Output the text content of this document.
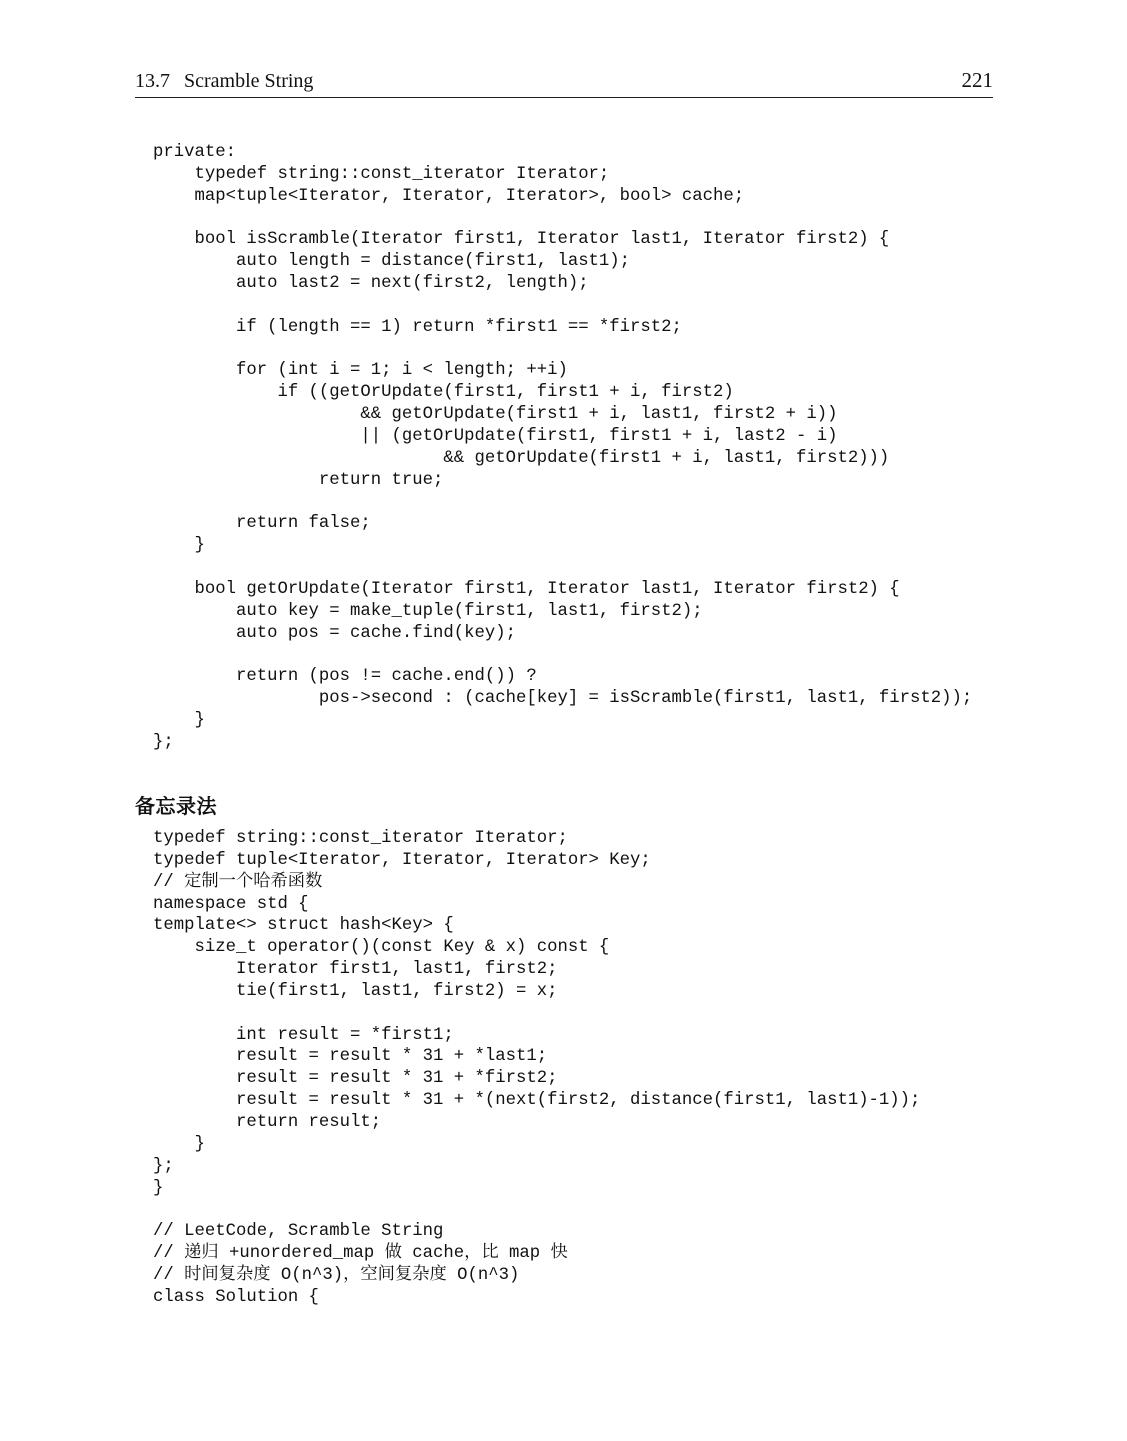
13.7 Scramble String	221
private:
typedef string::const_iterator Iterator;
map<tuple<Iterator, Iterator, Iterator>, bool> cache;
bool isScramble(Iterator first1, Iterator last1, Iterator first2) {
auto length = distance(first1, last1);
auto last2 = next(first2, length);
if (length == 1) return *first1 == *first2;
for (int i = 1; i < length; ++i)
if ((getOrUpdate(first1, first1 + i, first2)
&& getOrUpdate(first1 + i, last1, first2 + i))
|| (getOrUpdate(first1, first1 + i, last2 - i)
&& getOrUpdate(first1 + i, last1, first2)))
return true;
return false;
}
bool getOrUpdate(Iterator first1, Iterator last1, Iterator first2) {
auto key = make_tuple(first1, last1, first2);
auto pos = cache.find(key);
return (pos != cache.end()) ?
pos->second : (cache[key] = isScramble(first1, last1, first2));
}
};
备忘录法
typedef string::const_iterator Iterator;
typedef tuple<Iterator, Iterator, Iterator> Key;
// 定制一个哈希函数
namespace std {
template<> struct hash<Key> {
size_t operator()(const Key & x) const {
Iterator first1, last1, first2;
tie(first1, last1, first2) = x;
int result = *first1;
result = result * 31 + *last1;
result = result * 31 + *first2;
result = result * 31 + *(next(first2, distance(first1, last1)-1));
return result;
}
};
}
// LeetCode, Scramble String
// 递归 +unordered_map 做 cache，比 map 快
// 时间复杂度 O(n^3)，空间复杂度 O(n^3)
class Solution {
